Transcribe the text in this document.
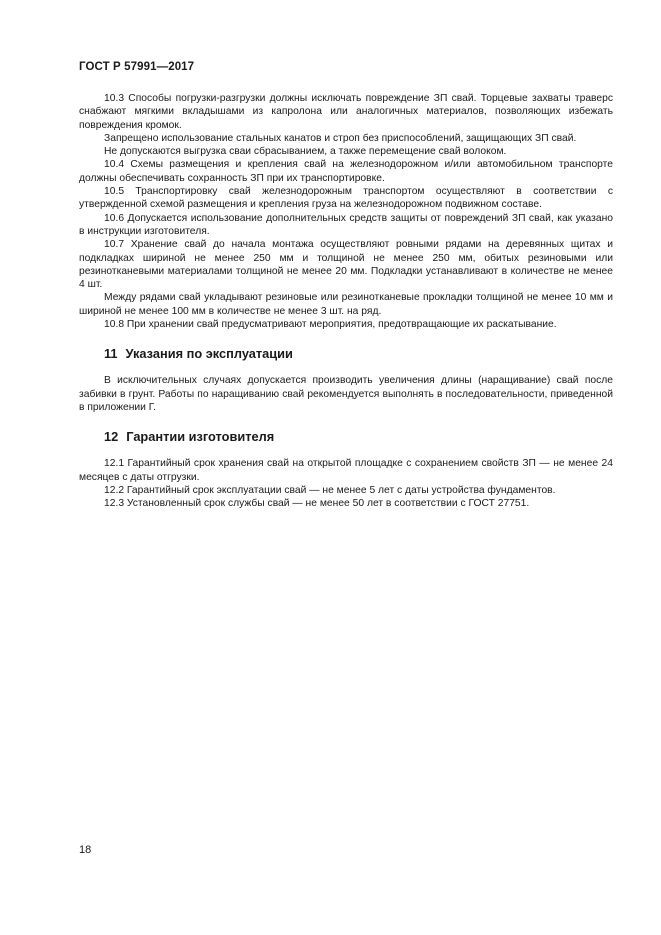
ГОСТ Р 57991—2017

10.3 Способы погрузки-разгрузки должны исключать повреждение ЗП свай. Торцевые захваты траверс снабжают мягкими вкладышами из капролона или аналогичных материалов, позволяющих избежать повреждения кромок.

Запрещено использование стальных канатов и строп без приспособлений, защищающих ЗП свай.

Не допускаются выгрузка сваи сбрасыванием, а также перемещение свай волоком.

10.4 Схемы размещения и крепления свай на железнодорожном и/или автомобильном транспорте должны обеспечивать сохранность ЗП при их транспортировке.

10.5 Транспортировку свай железнодорожным транспортом осуществляют в соответствии с утвержденной схемой размещения и крепления груза на железнодорожном подвижном составе.

10.6 Допускается использование дополнительных средств защиты от повреждений ЗП свай, как указано в инструкции изготовителя.

10.7 Хранение свай до начала монтажа осуществляют ровными рядами на деревянных щитах и подкладках шириной не менее 250 мм и толщиной не менее 250 мм, обитых резиновыми или резинотканевыми материалами толщиной не менее 20 мм. Подкладки устанавливают в количестве не менее 4 шт.

Между рядами свай укладывают резиновые или резинотканевые прокладки толщиной не менее 10 мм и шириной не менее 100 мм в количестве не менее 3 шт. на ряд.

10.8 При хранении свай предусматривают мероприятия, предотвращающие их раскатывание.

11 Указания по эксплуатации

В исключительных случаях допускается производить увеличения длины (наращивание) свай после забивки в грунт. Работы по наращиванию свай рекомендуется выполнять в последовательности, приведенной в приложении Г.

12 Гарантии изготовителя

12.1 Гарантийный срок хранения свай на открытой площадке с сохранением свойств ЗП — не менее 24 месяцев с даты отгрузки.

12.2 Гарантийный срок эксплуатации свай — не менее 5 лет с даты устройства фундаментов.

12.3 Установленный срок службы свай — не менее 50 лет в соответствии с ГОСТ 27751.

18
